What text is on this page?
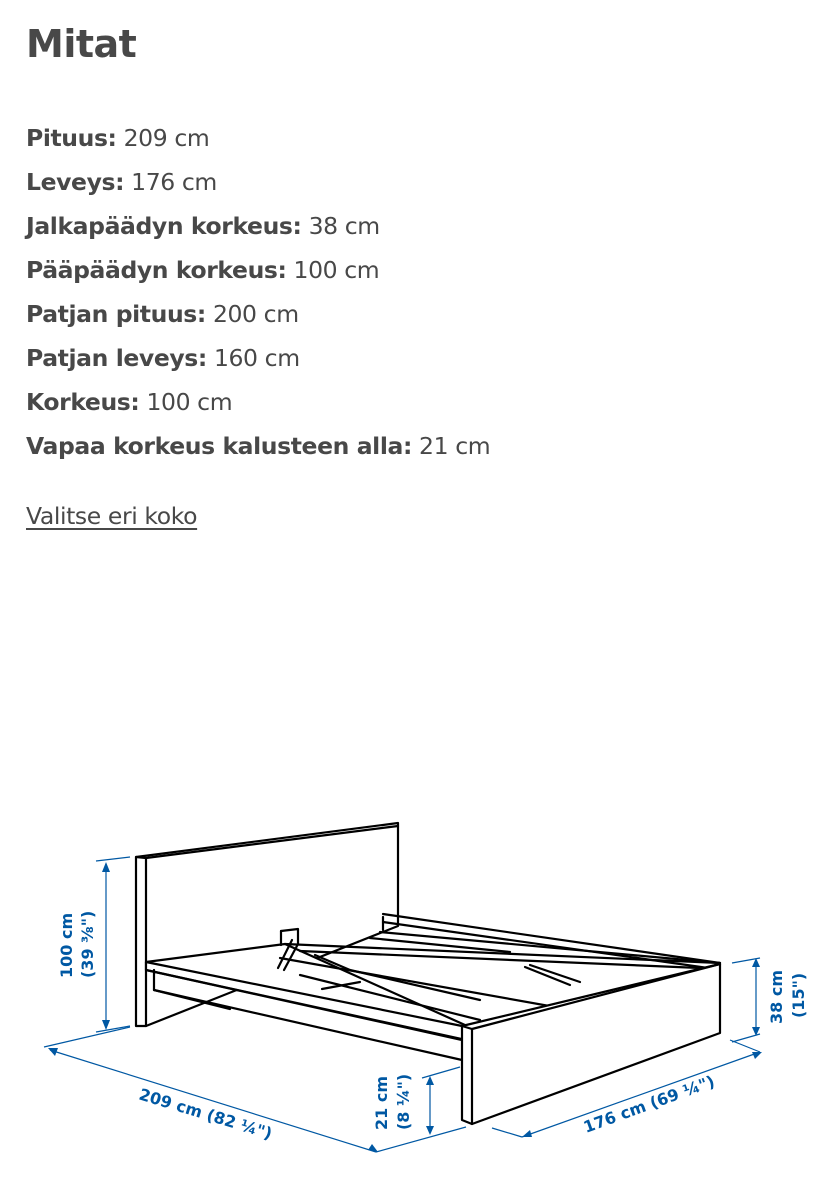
Mitat
Pituus: 209 cm
Leveys: 176 cm
Jalkapäädyn korkeus: 38 cm
Pääpäädyn korkeus: 100 cm
Patjan pituus: 200 cm
Patjan leveys: 160 cm
Korkeus: 100 cm
Vapaa korkeus kalusteen alla: 21 cm
Valitse eri koko
100 cm (39 ⅜")
209 cm (82 ¼")	21 cm (8 ¼")	176 cm (69 ¼")
38 cm (15")
